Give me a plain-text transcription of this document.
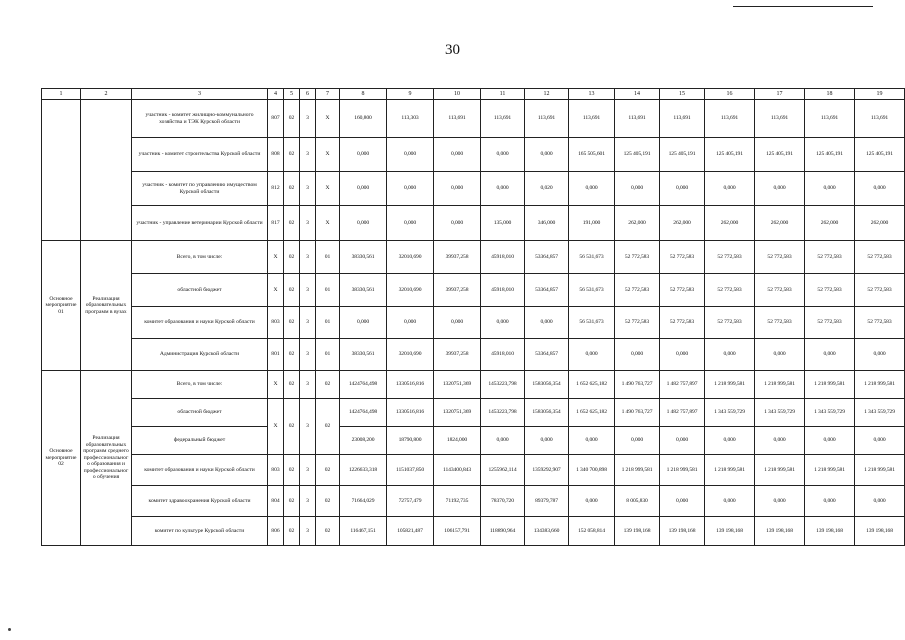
30
1	2	3	4	5	6	7	8	9	10	11	12	13	14	15	16	17	18	19
		участник - комитет жилищно-коммунального хозяйства и ТЭК Курской области	807	02	3	Х	160,800	113,303	113,691	113,691	113,691	113,691	113,691	113,691	113,691	113,691	113,691	113,691
		участник - комитет строительства Курской области	808	02	3	Х	0,000	0,000	0,000	0,000	0,000	165 505,601	125 405,191	125 405,191	125 405,191	125 405,191	125 405,191	125 405,191
		участник - комитет по управлению имуществом Курской области	812	02	3	Х	0,000	0,000	0,000	0,000	0,020	0,000	0,000	0,000	0,000	0,000	0,000	0,000
		участник - управление ветеринарии Курской области	817	02	3	Х	0,000	0,000	0,000	135,000	346,000	191,000	262,000	262,000	262,000	262,000	262,000	262,000
Основное мероприятие 01	Реализация образовательных программ в вузах	Всего, в том числе:	Х	02	3	01	38330,561	32010,690	39937,258	45918,010	53364,857	56 531,673	52 772,583	52 772,583	52 772,583	52 772,583	52 772,583	52 772,583
		областной бюджет	Х	02	3	01	38330,561	32010,690	39937,258	45918,010	53364,857	56 531,673	52 772,583	52 772,583	52 772,583	52 772,583	52 772,583	52 772,583
		комитет образования и науки Курской области	803	02	3	01	0,000	0,000	0,000	0,000	0,000	56 531,673	52 772,583	52 772,583	52 772,583	52 772,583	52 772,583	52 772,583
		Администрация Курской области	801	02	3	01	38330,561	32010,690	39937,258	45918,010	53364,857	0,000	0,000	0,000	0,000	0,000	0,000	0,000
Основное мероприятие 02	Реализация образовательных программ среднего профессионального образования и профессионального обучения	Всего, в том числе:	Х	02	3	02	1424764,498	1330516,816	1320751,369	1453223,798	1583056,354	1 652 625,182	1 490 763,727	1 482 757,897	1 218 999,581	1 218 999,581	1 218 999,581	1 218 999,581
		областной бюджет	Х	02	3	02	1424764,498	1330516,816	1320751,369	1453223,798	1583056,354	1 652 625,182	1 490 763,727	1 482 757,897	1 343 559,729	1 343 559,729	1 343 559,729	1 343 559,729
		федеральный бюджет					23008,200	18790,800	1824,000	0,000	0,000	0,000	0,000	0,000	0,000	0,000	0,000	0,000
		комитет образования и науки Курской области	803	02	3	02	1226633,318	1151037,850	1143400,843	1255962,114	1359292,907	1 340 700,898	1 218 999,581	1 218 999,581	1 218 999,581	1 218 999,581	1 218 999,581	1 218 999,581
		комитет здравоохранения Курской области	804	02	3	02	71664,029	72757,479	71192,735	78370,720	89379,787	0,000	8 005,830	0,000	0,000	0,000	0,000	0,000
		комитет по культуре Курской области	806	02	3	02	116467,151	105821,487	106157,791	118890,964	134383,660	152 058,814	139 198,168	139 198,168	139 198,168	139 198,168	139 198,168	139 198,168
